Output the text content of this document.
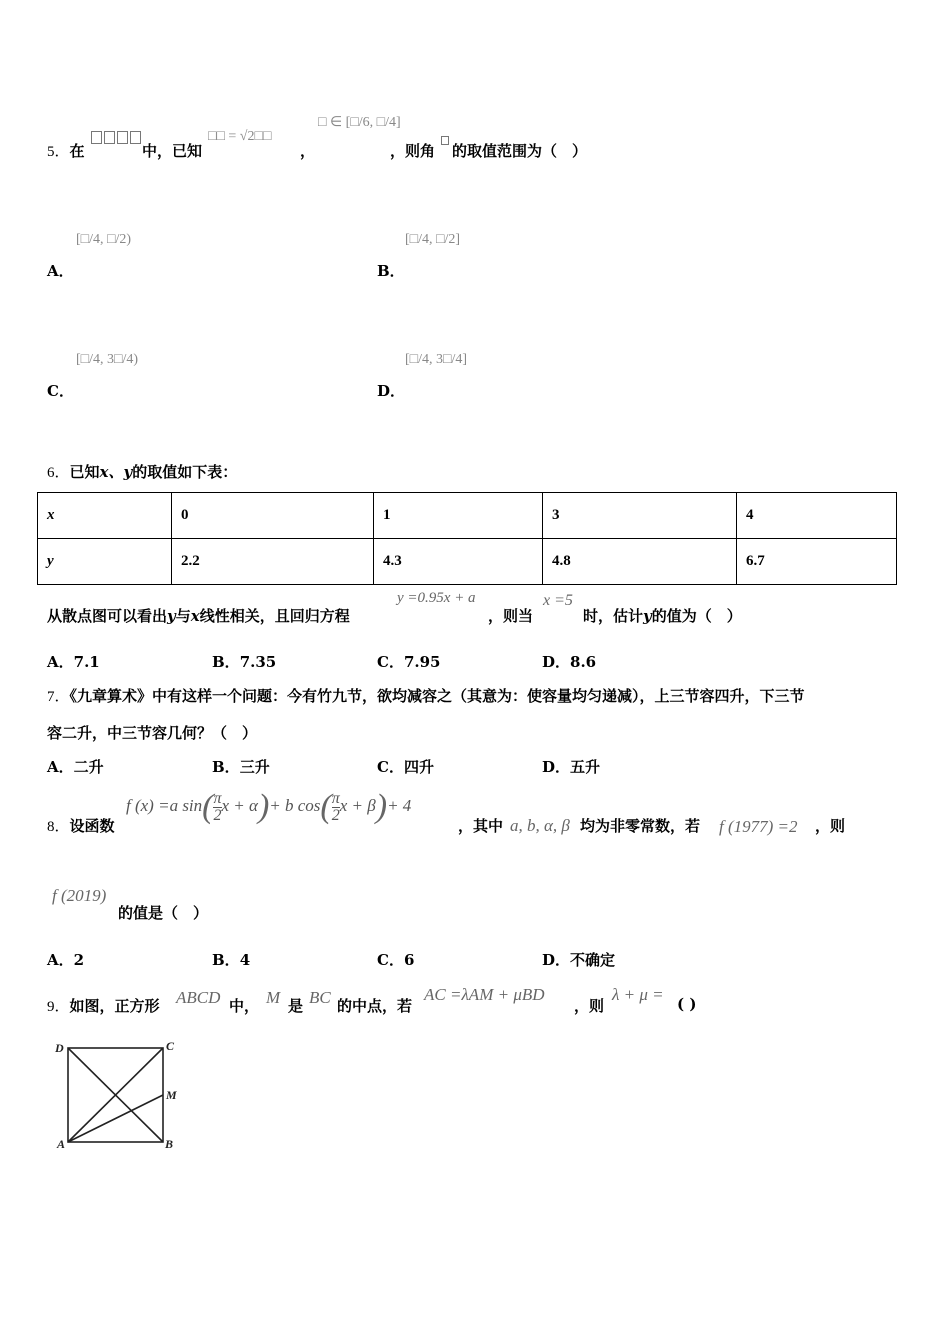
5．在	中，已知
□□ = √2□□
，
□ ∈ [□/6, □/4]
，则角 的取值范围为（　）
[□/4, □/2)
A．
[□/4, □/2]
B．
[□/4, 3□/4)
C．
[□/4, 3□/4]
D．
6．已知x、y的取值如下表：
x	0	1	3	4
y	2.2	4.3	4.8	6.7
从散点图可以看出y与x线性相关，且回归方程
y =0.95x + a
，则当
x =5
时，估计y的值为（　）
A．7.1	B．7.35	C．7.95	D．8.6
7．《九章算术》中有这样一个问题：今有竹九节，欲均减容之（其意为：使容量均匀递减），上三节容四升，下三节
容二升，中三节容几何？（　）
A．二升	B．三升	C．四升	D．五升
8．设函数
f (x) =a $\sin( \frac{\pi}{2}$ x + α)+ b $\cos( \frac{\pi}{2}$ x + β)+ 4
，其中 a, b, α, β 均为非零常数，若 f (1977) =2 ，则
f (2019)
的值是（　）
A．2	B．4	C．6	D．不确定
9．如图，正方形 ABCD 中， M 是 BC 的中点，若
AC =λAM + μBD
，则
λ + μ = ( )
D	C
M
A	B
